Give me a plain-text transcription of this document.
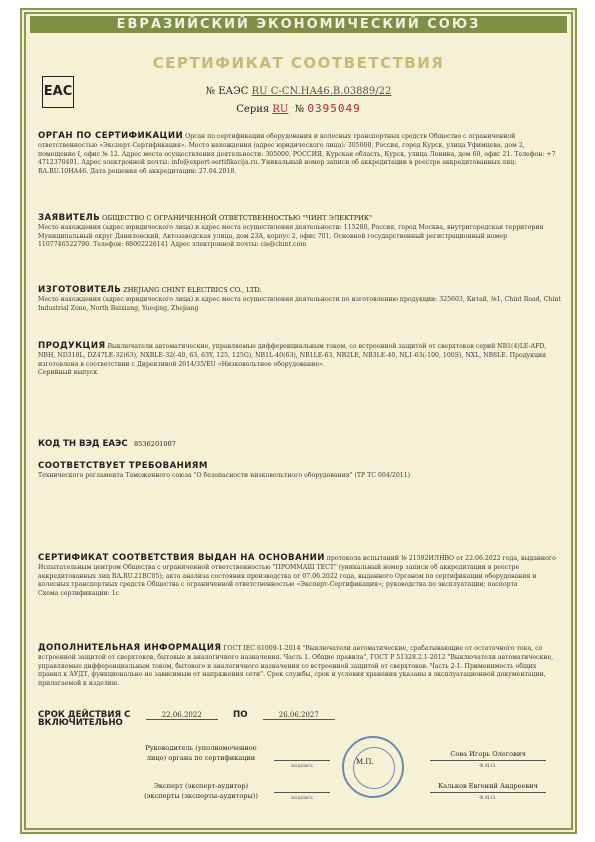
ЕВРАЗИЙСКИЙ ЭКОНОМИЧЕСКИЙ СОЮЗ
СЕРТИФИКАТ СООТВЕТСТВИЯ
EAC	№ ЕАЭС RU C-CN.НА46.В.03889/22
Серия RU № 0395049
ОРГАН ПО СЕРТИФИКАЦИИ Орган по сертификации оборудования и колесных транспортных средств Общество с ограниченной ответственностью «Эксперт-Сертификация». Место нахождения (адрес юридического лица): 305000, Россия, город Курск, улица Уфимцева, дом 2, помещение I, офис № 12. Адрес места осуществления деятельности: 305000, РОССИЯ, Курская область, Курск, улица Ленина, дом 60, офис 21. Телефон: +7 4712370491. Адрес электронной почты: info@expert-sertifikacija.ru. Уникальный номер записи об аккредитации в реестре аккредитованных лиц: RA.RU.10НА46. Дата решения об аккредитации: 27.04.2018.
ЗАЯВИТЕЛЬ ОБЩЕСТВО С ОГРАНИЧЕННОЙ ОТВЕТСТВЕННОСТЬЮ "ЧИНТ ЭЛЕКТРИК"
Место нахождения (адрес юридического лица) и адрес места осуществления деятельности: 115280, Россия, город Москва, внутригородская территория Муниципальный округ Даниловский, Автозаводская улица, дом 23А, корпус 2, офис 701. Основной государственный регистрационный номер 1107746522790. Телефон: 88002226141 Адрес электронной почты: cis@chint.com
ИЗГОТОВИТЕЛЬ ZHEJIANG CHINT ELECTRICS CO., LTD.
Место нахождения (адрес юридического лица) и адрес места осуществления деятельности по изготовлению продукции: 325603, Китай, №1, Chint Road, Chint Industrial Zone, North Baixiang, Yueqing, Zhejiang
ПРОДУКЦИЯ Выключатели автоматические, управляемые дифференциальным током, со встроенной защитой от сверхтоков серий NB1(4)LE-AFD, NBH, ND310L, DZ47LE-32(63), NXBLE-32(-40, 63, 63Y, 125, 125G), NB1L-40(63), NB1LE-63, NB2LE, NB3LE-40, NL1-63(-100, 100S), NXL, NB8LE. Продукция изготовлена в соответствии с Директивой 2014/35/EU «Низковольтное оборудование».
Серийный выпуск
КОД ТН ВЭД ЕАЭС 8536201007
СООТВЕТСТВУЕТ ТРЕБОВАНИЯМ
Технического регламента Таможенного союза "О безопасности низковольтного оборудования" (ТР ТС 004/2011)
СЕРТИФИКАТ СООТВЕТСТВИЯ ВЫДАН НА ОСНОВАНИИ протокола испытаний № 21592ИЛНВО от 22.06.2022 года, выданного Испытательным центром Общества с ограниченной ответственностью "ПРОММАШ ТЕСТ" (уникальный номер записи об аккредитации в реестре аккредитованных лиц RA.RU.21ВС05); акта анализа состояния производства от 07.06.2022 года, выданного Органом по сертификации оборудования и колесных транспортных средств Общества с ограниченной ответственностью «Эксперт-Сертификация»; руководства по эксплуатации; паспорта
Схема сертификации: 1с
ДОПОЛНИТЕЛЬНАЯ ИНФОРМАЦИЯ ГОСТ IEC 61009-1-2014 "Выключатели автоматические, срабатывающие от остаточного тока, со встроенной защитой от сверхтоков, бытовые и аналогичного назначения. Часть 1. Общие правила", ГОСТ Р 51328.2.1-2012 "Выключатели автоматические, управляемые дифференциальным током, бытового и аналогичного назначения со встроенной защитой от сверхтоков. Часть 2-1. Применимость общих правил к АУДТ, функционально не зависимым от напряжения сети". Срок службы, срок и условия хранения указаны в эксплуатационной документации, прилагаемой к изделию.
СРОК ДЕЙСТВИЯ С	22.06.2022	ПО	26.06.2027
ВКЛЮЧИТЕЛЬНО
Руководитель (уполномоченное
лицо) органа по сертификации
подпись
Сова Игорь Олегович
Ф.И.О.
Эксперт (эксперт-аудитор)
(эксперты (эксперты-аудиторы))	подпись
Кальков Евгений Андреевич
Ф.И.О.
М.П.
